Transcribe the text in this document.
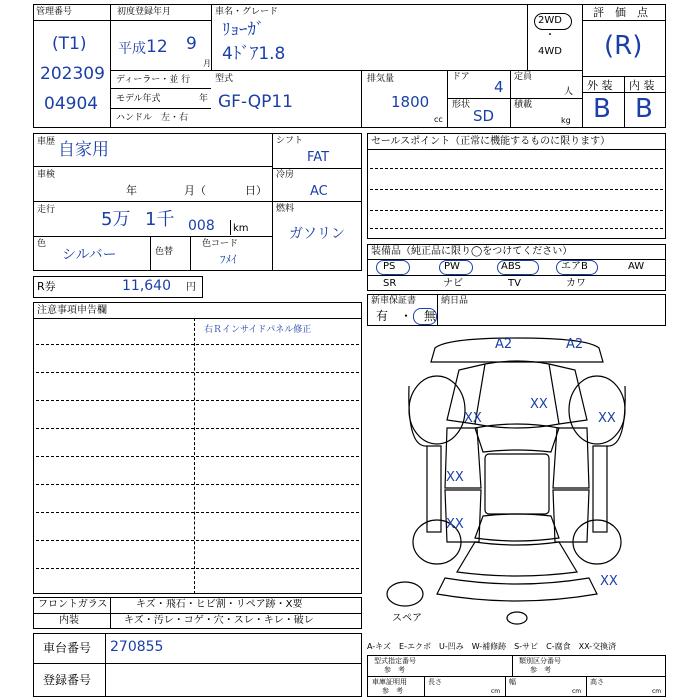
管理番号
(T1)
202309
04904
初度登録年月
平成 12 9
月
車名・グレード
ﾘｮｰｶﾞ
4ﾄﾞｱ1.8
2WD
・
4WD
評　価　点
(R)
外 装 内 装
B B
ディーラー・並 行
モデル年式	年
ハンドル　左・右
型式
GF-QP11
排気量
1800
cc
ドア
4
形状
SD
定員
人
積載
kg
車歴 自家用
車検
年	月（	日）
走行	5万 1千 008 km
シフト
FAT
冷房
AC
燃料
ガソリン
色
シルバー	色替
色コード
ﾌﾒｲ
R券	11,640 円
セールスポイント（正常に機能するものに限ります）
装備品（純正品に限り◯をつけてください）
PS	PW	ABS	エアB	AW
SR	ナビ	TV	カワ
新車保証書
有　・　無
納日品
注意事項申告欄
右Ｒインサイドパネル修正
A2	A2
XX
XX	XX
XX
XX
XX
スペア
フロントガラス	キズ・飛石・ヒビ割・リペア跡・X要
内装	キズ・汚レ・コゲ・穴・スレ・キレ・破レ
車台番号 270855
登録番号
A-キズ　E-エクボ　U-凹み　W-補修跡　S-サビ　C-腐食　XX-交換済
型式指定番号
参　考
類別区分番号
参　考
車庫証明用
参　考
長さ
cm
幅
cm
高さ
cm
